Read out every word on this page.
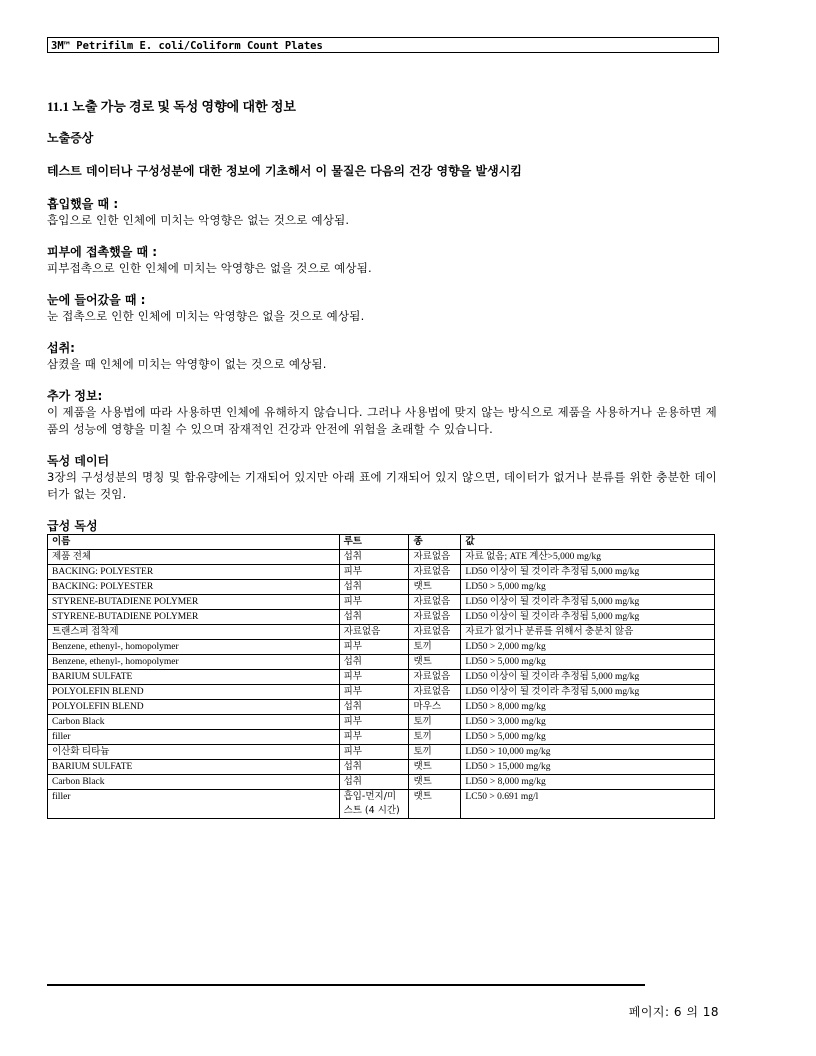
3M™ Petrifilm E. coli/Coliform Count Plates
11.1 노출 가능 경로 및 독성 영향에 대한 정보
노출증상
테스트 데이터나 구성성분에 대한 정보에 기초해서 이 물질은 다음의 건강 영향을 발생시킴
흡입했을 때 :
흡입으로 인한 인체에 미치는 악영향은 없는 것으로 예상됨.
피부에 접촉했을 때 :
피부접촉으로 인한 인체에 미치는 악영향은 없을 것으로 예상됨.
눈에 들어갔을 때 :
눈 접촉으로 인한 인체에 미치는 악영향은 없을 것으로 예상됨.
섭취:
삼켰을 때 인체에 미치는 악영향이 없는 것으로 예상됨.
추가 정보:
이 제품을 사용법에 따라 사용하면 인체에 유해하지 않습니다. 그러나 사용법에 맞지 않는 방식으로 제품을 사용하거나 운용하면 제품의 성능에 영향을 미칠 수 있으며 잠재적인 건강과 안전에 위험을 초래할 수 있습니다.
독성 데이터
3장의 구성성분의 명칭 및 함유량에는 기재되어 있지만 아래 표에 기재되어 있지 않으면, 데이터가 없거나 분류를 위한 충분한 데이터가 없는 것임.
급성 독성
이름	루트	종	값
제품 전체	섭취	자료없음	자료 없음; ATE 계산>5,000 mg/kg
BACKING: POLYESTER	피부	자료없음	LD50 이상이 될 것이라 추정됨 5,000 mg/kg
BACKING: POLYESTER	섭취	랫트	LD50 > 5,000 mg/kg
STYRENE-BUTADIENE POLYMER	피부	자료없음	LD50 이상이 될 것이라 추정됨 5,000 mg/kg
STYRENE-BUTADIENE POLYMER	섭취	자료없음	LD50 이상이 될 것이라 추정됨 5,000 mg/kg
트랜스퍼 접착제	자료없음	자료없음	자료가 없거나 분류를 위해서 충분치 않음
Benzene, ethenyl-, homopolymer	피부	토끼	LD50 > 2,000 mg/kg
Benzene, ethenyl-, homopolymer	섭취	랫트	LD50 > 5,000 mg/kg
BARIUM SULFATE	피부	자료없음	LD50 이상이 될 것이라 추정됨 5,000 mg/kg
POLYOLEFIN BLEND	피부	자료없음	LD50 이상이 될 것이라 추정됨 5,000 mg/kg
POLYOLEFIN BLEND	섭취	마우스	LD50 > 8,000 mg/kg
Carbon Black	피부	토끼	LD50 > 3,000 mg/kg
filler	피부	토끼	LD50 > 5,000 mg/kg
이산화 티타늄	피부	토끼	LD50 > 10,000 mg/kg
BARIUM SULFATE	섭취	랫트	LD50 > 15,000 mg/kg
Carbon Black	섭취	랫트	LD50 > 8,000 mg/kg
filler	흡입-먼지/미스트 (4 시간)	랫트	LC50 > 0.691 mg/l
페이지: 6 의 18
